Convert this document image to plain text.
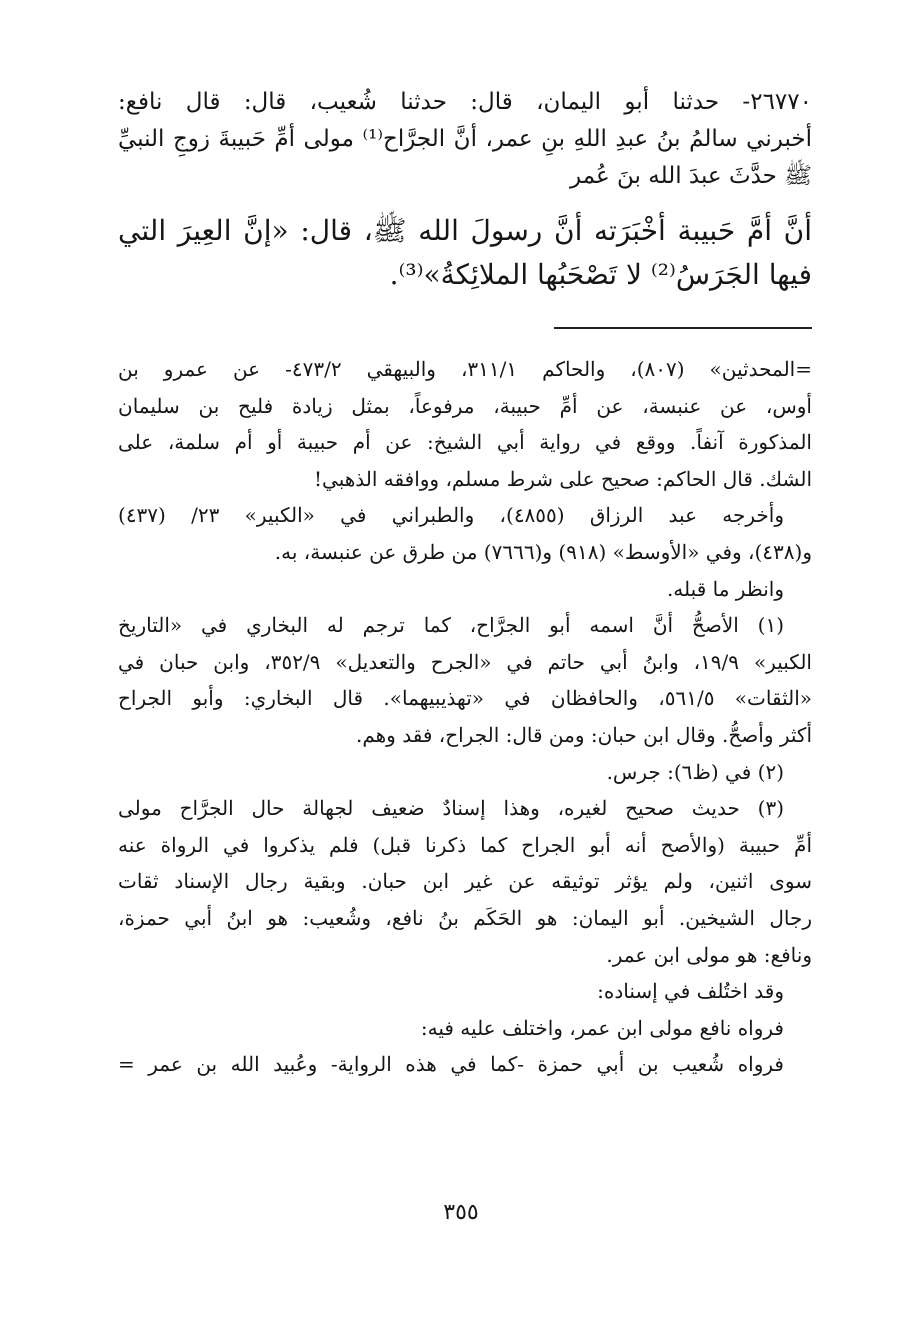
٢٦٧٧٠- حدثنا أبو اليمان، قال: حدثنا شُعيب، قال: قال نافع:
أخبرني سالمُ بنُ عبدِ اللهِ بنِ عمر، أنَّ الجرَّاح⁽¹⁾ مولى أمِّ حَبيبةَ زوجِ النبيِّ
ﷺ حدَّثَ عبدَ الله بنَ عُمر
أنَّ أمَّ حَبيبة أخْبَرَته أنَّ رسولَ الله ﷺ، قال: «إنَّ العِيرَ التي
فيها الجَرَسُ⁽²⁾ لا تَصْحَبُها الملائِكةُ»⁽³⁾.
=المحدثين» (٨٠٧)، والحاكم ٣١١/١، والبيهقي ٤٧٣/٢- عن عمرو بن
أوس، عن عنبسة، عن أمِّ حبيبة، مرفوعاً، بمثل زيادة فليح بن سليمان
المذكورة آنفاً. ووقع في رواية أبي الشيخ: عن أم حبيبة أو أم سلمة، على
الشك. قال الحاكم: صحيح على شرط مسلم، ووافقه الذهبي!
وأخرجه عبد الرزاق (٤٨٥٥)، والطبراني في «الكبير» ٢٣/ (٤٣٧)
و(٤٣٨)، وفي «الأوسط» (٩١٨) و(٧٦٦٦) من طرق عن عنبسة، به.
وانظر ما قبله.
(١) الأصحُّ أنَّ اسمه أبو الجرَّاح، كما ترجم له البخاري في «التاريخ
الكبير» ١٩/٩، وابنُ أبي حاتم في «الجرح والتعديل» ٣٥٢/٩، وابن حبان في
«الثقات» ٥٦١/٥، والحافظان في «تهذيبيهما». قال البخاري: وأبو الجراح
أكثر وأصحُّ. وقال ابن حبان: ومن قال: الجراح، فقد وهم.
(٢) في (ظ٦): جرس.
(٣) حديث صحيح لغيره، وهذا إسنادٌ ضعيف لجهالة حال الجرَّاح مولى
أمِّ حبيبة (والأصح أنه أبو الجراح كما ذكرنا قبل) فلم يذكروا في الرواة عنه
سوى اثنين، ولم يؤثر توثيقه عن غير ابن حبان. وبقية رجال الإسناد ثقات
رجال الشيخين. أبو اليمان: هو الحَكَم بنُ نافع، وشُعيب: هو ابنُ أبي حمزة،
ونافع: هو مولى ابن عمر.
وقد اختُلف في إسناده:
فرواه نافع مولى ابن عمر، واختلف عليه فيه:
فرواه شُعيب بن أبي حمزة -كما في هذه الرواية- وعُبيد الله بن عمر =
٣٥٥
